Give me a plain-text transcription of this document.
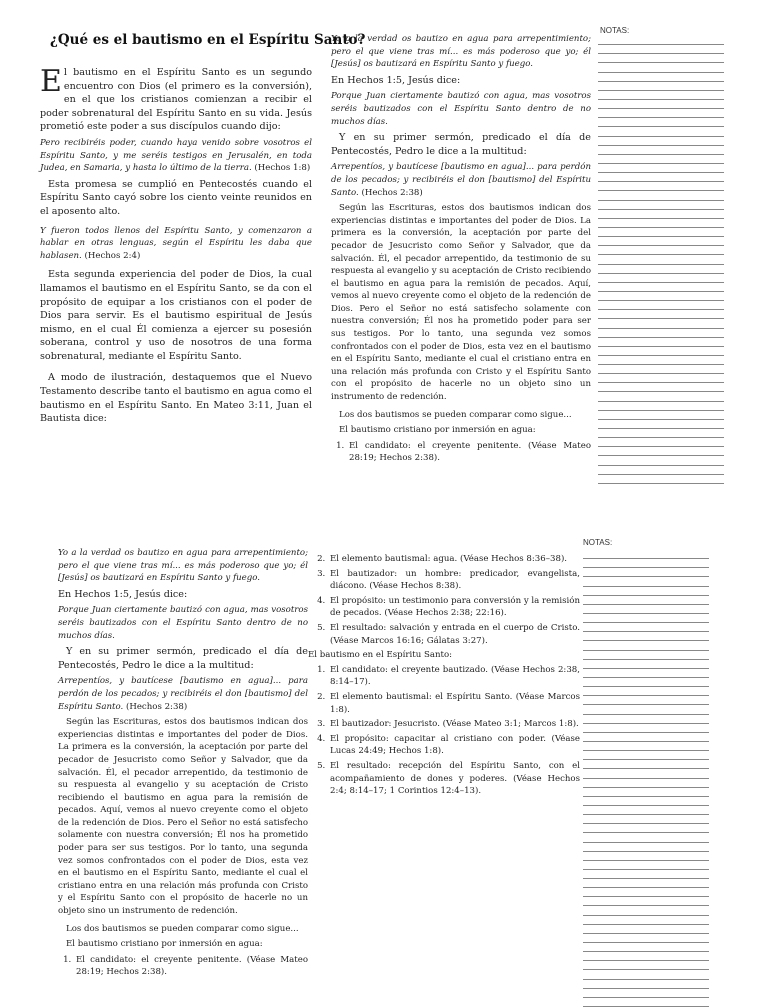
¿Qué es el bautismo en el Espíritu Santo?

El bautismo en el Espíritu Santo es un segundo encuentro con Dios (el primero es la conversión), en el que los cristianos comienzan a recibir el poder sobrenatural del Espíritu Santo en su vida. Jesús prometió este poder a sus discípulos cuando dijo:

Pero recibiréis poder, cuando haya venido sobre vosotros el Espíritu Santo, y me seréis testigos en Jerusalén, en toda Judea, en Samaria, y hasta lo último de la tierra. (Hechos 1:8)

Esta promesa se cumplió en Pentecostés cuando el Espíritu Santo cayó sobre los ciento veinte reunidos en el aposento alto.

Y fueron todos llenos del Espíritu Santo, y comenzaron a hablar en otras lenguas, según el Espíritu les daba que hablasen. (Hechos 2:4)

Esta segunda experiencia del poder de Dios, la cual llamamos el bautismo en el Espíritu Santo, se da con el propósito de equipar a los cristianos con el poder de Dios para servir. Es el bautismo espiritual de Jesús mismo, en el cual Él comienza a ejercer su posesión soberana, control y uso de nosotros de una forma sobrenatural, mediante el Espíritu Santo.

A modo de ilustración, destaquemos que el Nuevo Testamento describe tanto el bautismo en agua como el bautismo en el Espíritu Santo. En Mateo 3:11, Juan el Bautista dice:

Yo a la verdad os bautizo en agua para arrepentimiento; pero el que viene tras mí... es más poderoso que yo; él [Jesús] os bautizará en Espíritu Santo y fuego.

En Hechos 1:5, Jesús dice:

Porque Juan ciertamente bautizó con agua, mas vosotros seréis bautizados con el Espíritu Santo dentro de no muchos días.

Y en su primer sermón, predicado el día de Pentecostés, Pedro le dice a la multitud:

Arrepentíos, y bautícese [bautismo en agua]... para perdón de los pecados; y recibiréis el don [bautismo] del Espíritu Santo. (Hechos 2:38)

Según las Escrituras, estos dos bautismos indican dos experiencias distintas e importantes del poder de Dios. La primera es la conversión, la aceptación por parte del pecador de Jesucristo como Señor y Salvador, que da salvación. Él, el pecador arrepentido, da testimonio de su respuesta al evangelio y su aceptación de Cristo recibiendo el bautismo en agua para la remisión de pecados. Aquí, vemos al nuevo creyente como el objeto de la redención de Dios. Pero el Señor no está satisfecho solamente con nuestra conversión; Él nos ha prometido poder para ser sus testigos. Por lo tanto, una segunda vez somos confrontados con el poder de Dios, esta vez en el bautismo en el Espíritu Santo, mediante el cual el cristiano entra en una relación más profunda con Cristo y el Espíritu Santo con el propósito de hacerle no un objeto sino un instrumento de redención.

Los dos bautismos se pueden comparar como sigue...

El bautismo cristiano por inmersión en agua:

1. El candidato: el creyente penitente. (Véase Mateo 28:19; Hechos 2:38).
NOTAS:

Yo a la verdad os bautizo en agua para arrepentimiento; pero el que viene tras mí... es más poderoso que yo; él [Jesús] os bautizará en Espíritu Santo y fuego.

En Hechos 1:5, Jesús dice:

Porque Juan ciertamente bautizó con agua, mas vosotros seréis bautizados con el Espíritu Santo dentro de no muchos días.

Y en su primer sermón, predicado el día de Pentecostés, Pedro le dice a la multitud:

Arrepentíos, y bautícese [bautismo en agua]... para perdón de los pecados; y recibiréis el don [bautismo] del Espíritu Santo. (Hechos 2:38)

Según las Escrituras, estos dos bautismos indican dos experiencias distintas e importantes del poder de Dios. La primera es la conversión, la aceptación por parte del pecador de Jesucristo como Señor y Salvador, que da salvación. Él, el pecador arrepentido, da testimonio de su respuesta al evangelio y su aceptación de Cristo recibiendo el bautismo en agua para la remisión de pecados. Aquí, vemos al nuevo creyente como el objeto de la redención de Dios. Pero el Señor no está satisfecho solamente con nuestra conversión; Él nos ha prometido poder para ser sus testigos. Por lo tanto, una segunda vez somos confrontados con el poder de Dios, esta vez en el bautismo en el Espíritu Santo, mediante el cual el cristiano entra en una relación más profunda con Cristo y el Espíritu Santo con el propósito de hacerle no un objeto sino un instrumento de redención.

Los dos bautismos se pueden comparar como sigue...

El bautismo cristiano por inmersión en agua:

1. El candidato: el creyente penitente. (Véase Mateo 28:19; Hechos 2:38).
2. El elemento bautismal: agua. (Véase Hechos 8:36–38).
3. El bautizador: un hombre: predicador, evangelista, diácono. (Véase Hechos 8:38).
4. El propósito: un testimonio para conversión y la remisión de pecados. (Véase Hechos 2:38; 22:16).
5. El resultado: salvación y entrada en el cuerpo de Cristo. (Véase Marcos 16:16; Gálatas 3:27).

El bautismo en el Espíritu Santo:

1. El candidato: el creyente bautizado. (Véase Hechos 2:38, 8:14–17).
2. El elemento bautismal: el Espíritu Santo. (Véase Marcos 1:8).
3. El bautizador: Jesucristo. (Véase Mateo 3:1; Marcos 1:8).
4. El propósito: capacitar al cristiano con poder. (Véase Lucas 24:49; Hechos 1:8).
5. El resultado: recepción del Espíritu Santo, con el acompañamiento de dones y poderes. (Véase Hechos 2:4; 8:14–17; 1 Corintios 12:4–13).
NOTAS:
